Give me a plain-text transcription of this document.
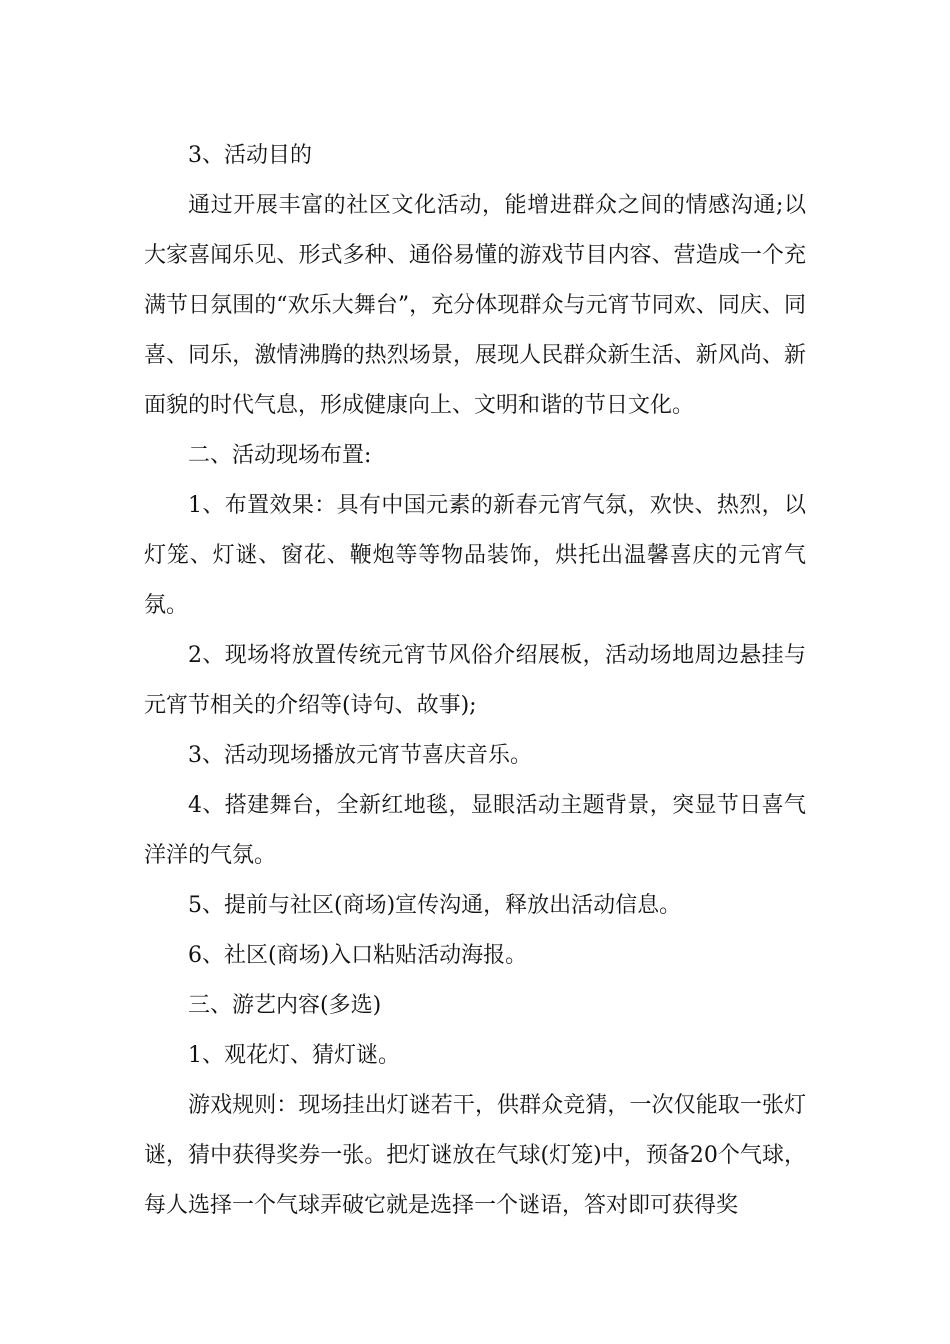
3、活动目的

通过开展丰富的社区文化活动，能增进群众之间的情感沟通;以大家喜闻乐见、形式多种、通俗易懂的游戏节目内容、营造成一个充满节日氛围的“欢乐大舞台”，充分体现群众与元宵节同欢、同庆、同喜、同乐，激情沸腾的热烈场景，展现人民群众新生活、新风尚、新面貌的时代气息，形成健康向上、文明和谐的节日文化。

二、活动现场布置:

1、布置效果：具有中国元素的新春元宵气氛，欢快、热烈，以灯笼、灯谜、窗花、鞭炮等等物品装饰，烘托出温馨喜庆的元宵气氛。

2、现场将放置传统元宵节风俗介绍展板，活动场地周边悬挂与元宵节相关的介绍等(诗句、故事);

3、活动现场播放元宵节喜庆音乐。

4、搭建舞台，全新红地毯，显眼活动主题背景，突显节日喜气洋洋的气氛。

5、提前与社区(商场)宣传沟通，释放出活动信息。

6、社区(商场)入口粘贴活动海报。

三、游艺内容(多选)

1、观花灯、猜灯谜。

游戏规则：现场挂出灯谜若干，供群众竞猜，一次仅能取一张灯谜，猜中获得奖券一张。把灯谜放在气球(灯笼)中，预备20个气球，每人选择一个气球弄破它就是选择一个谜语，答对即可获得奖
